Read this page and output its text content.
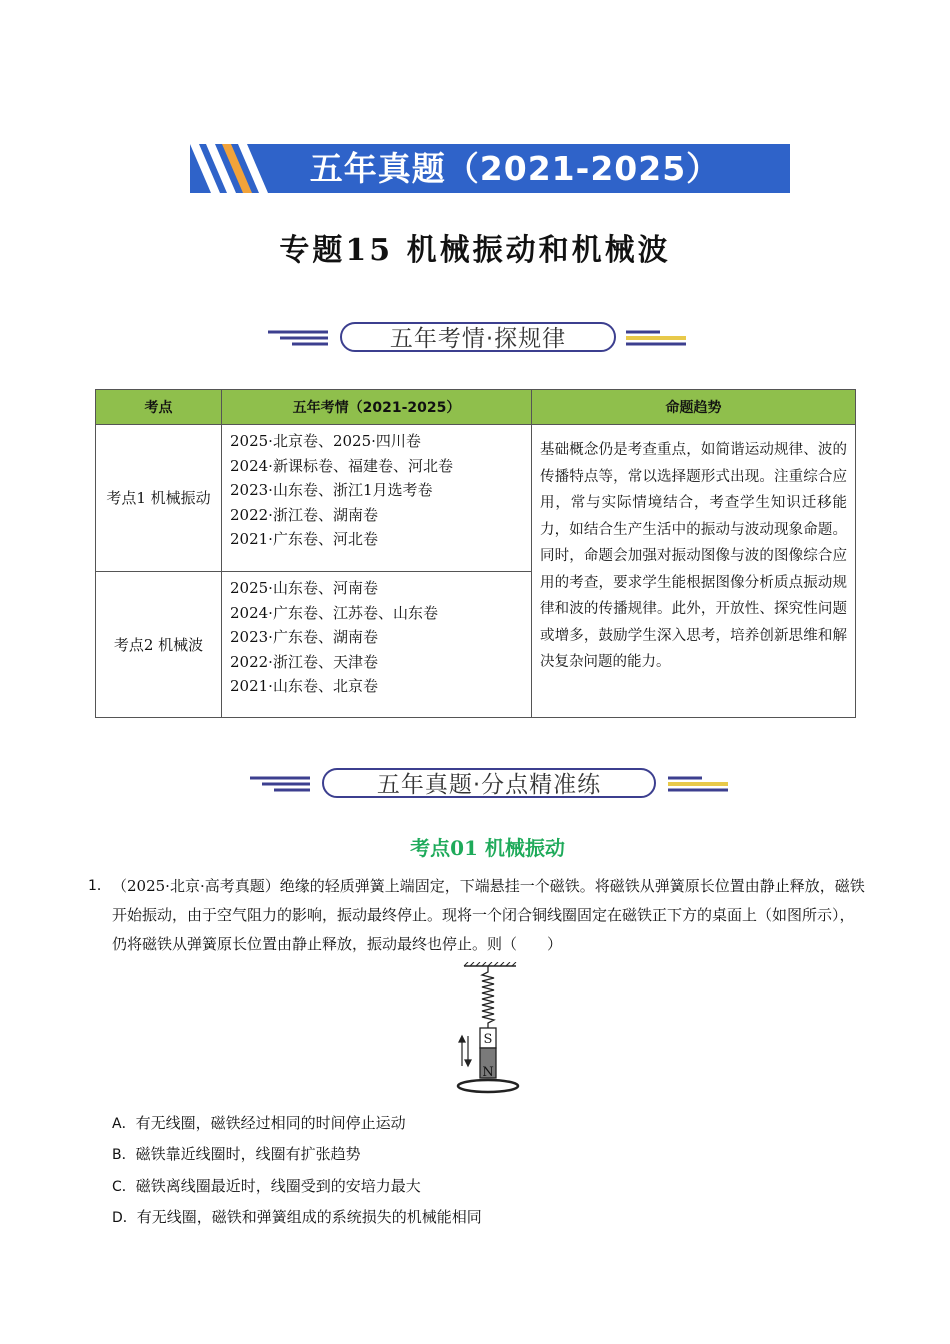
五年真题（2021-2025）
专题15 机械振动和机械波
五年考情·探规律
考点	五年考情（2021-2025）	命题趋势
考点1 机械振动	2025·北京卷、2025·四川卷
2024·新课标卷、福建卷、河北卷
2023·山东卷、浙江1月选考卷
2022·浙江卷、湖南卷
2021·广东卷、河北卷	基础概念仍是考查重点，如简谐运动规律、波的传播特点等，常以选择题形式出现。注重综合应用，常与实际情境结合，考查学生知识迁移能力，如结合生产生活中的振动与波动现象命题。同时，命题会加强对振动图像与波的图像综合应用的考查，要求学生能根据图像分析质点振动规律和波的传播规律。此外，开放性、探究性问题或增多，鼓励学生深入思考，培养创新思维和解决复杂问题的能力。
考点2 机械波	2025·山东卷、河南卷
2024·广东卷、江苏卷、山东卷
2023·广东卷、湖南卷
2022·浙江卷、天津卷
2021·山东卷、北京卷	
五年真题·分点精准练
考点01 机械振动
1． （2025·北京·高考真题）绝缘的轻质弹簧上端固定，下端悬挂一个磁铁。将磁铁从弹簧原长位置由静止释放，磁铁开始振动，由于空气阻力的影响，振动最终停止。现将一个闭合铜线圈固定在磁铁正下方的桌面上（如图所示），仍将磁铁从弹簧原长位置由静止释放，振动最终也停止。则（　　）
S
N
A．有无线圈，磁铁经过相同的时间停止运动
B．磁铁靠近线圈时，线圈有扩张趋势
C．磁铁离线圈最近时，线圈受到的安培力最大
D．有无线圈，磁铁和弹簧组成的系统损失的机械能相同
